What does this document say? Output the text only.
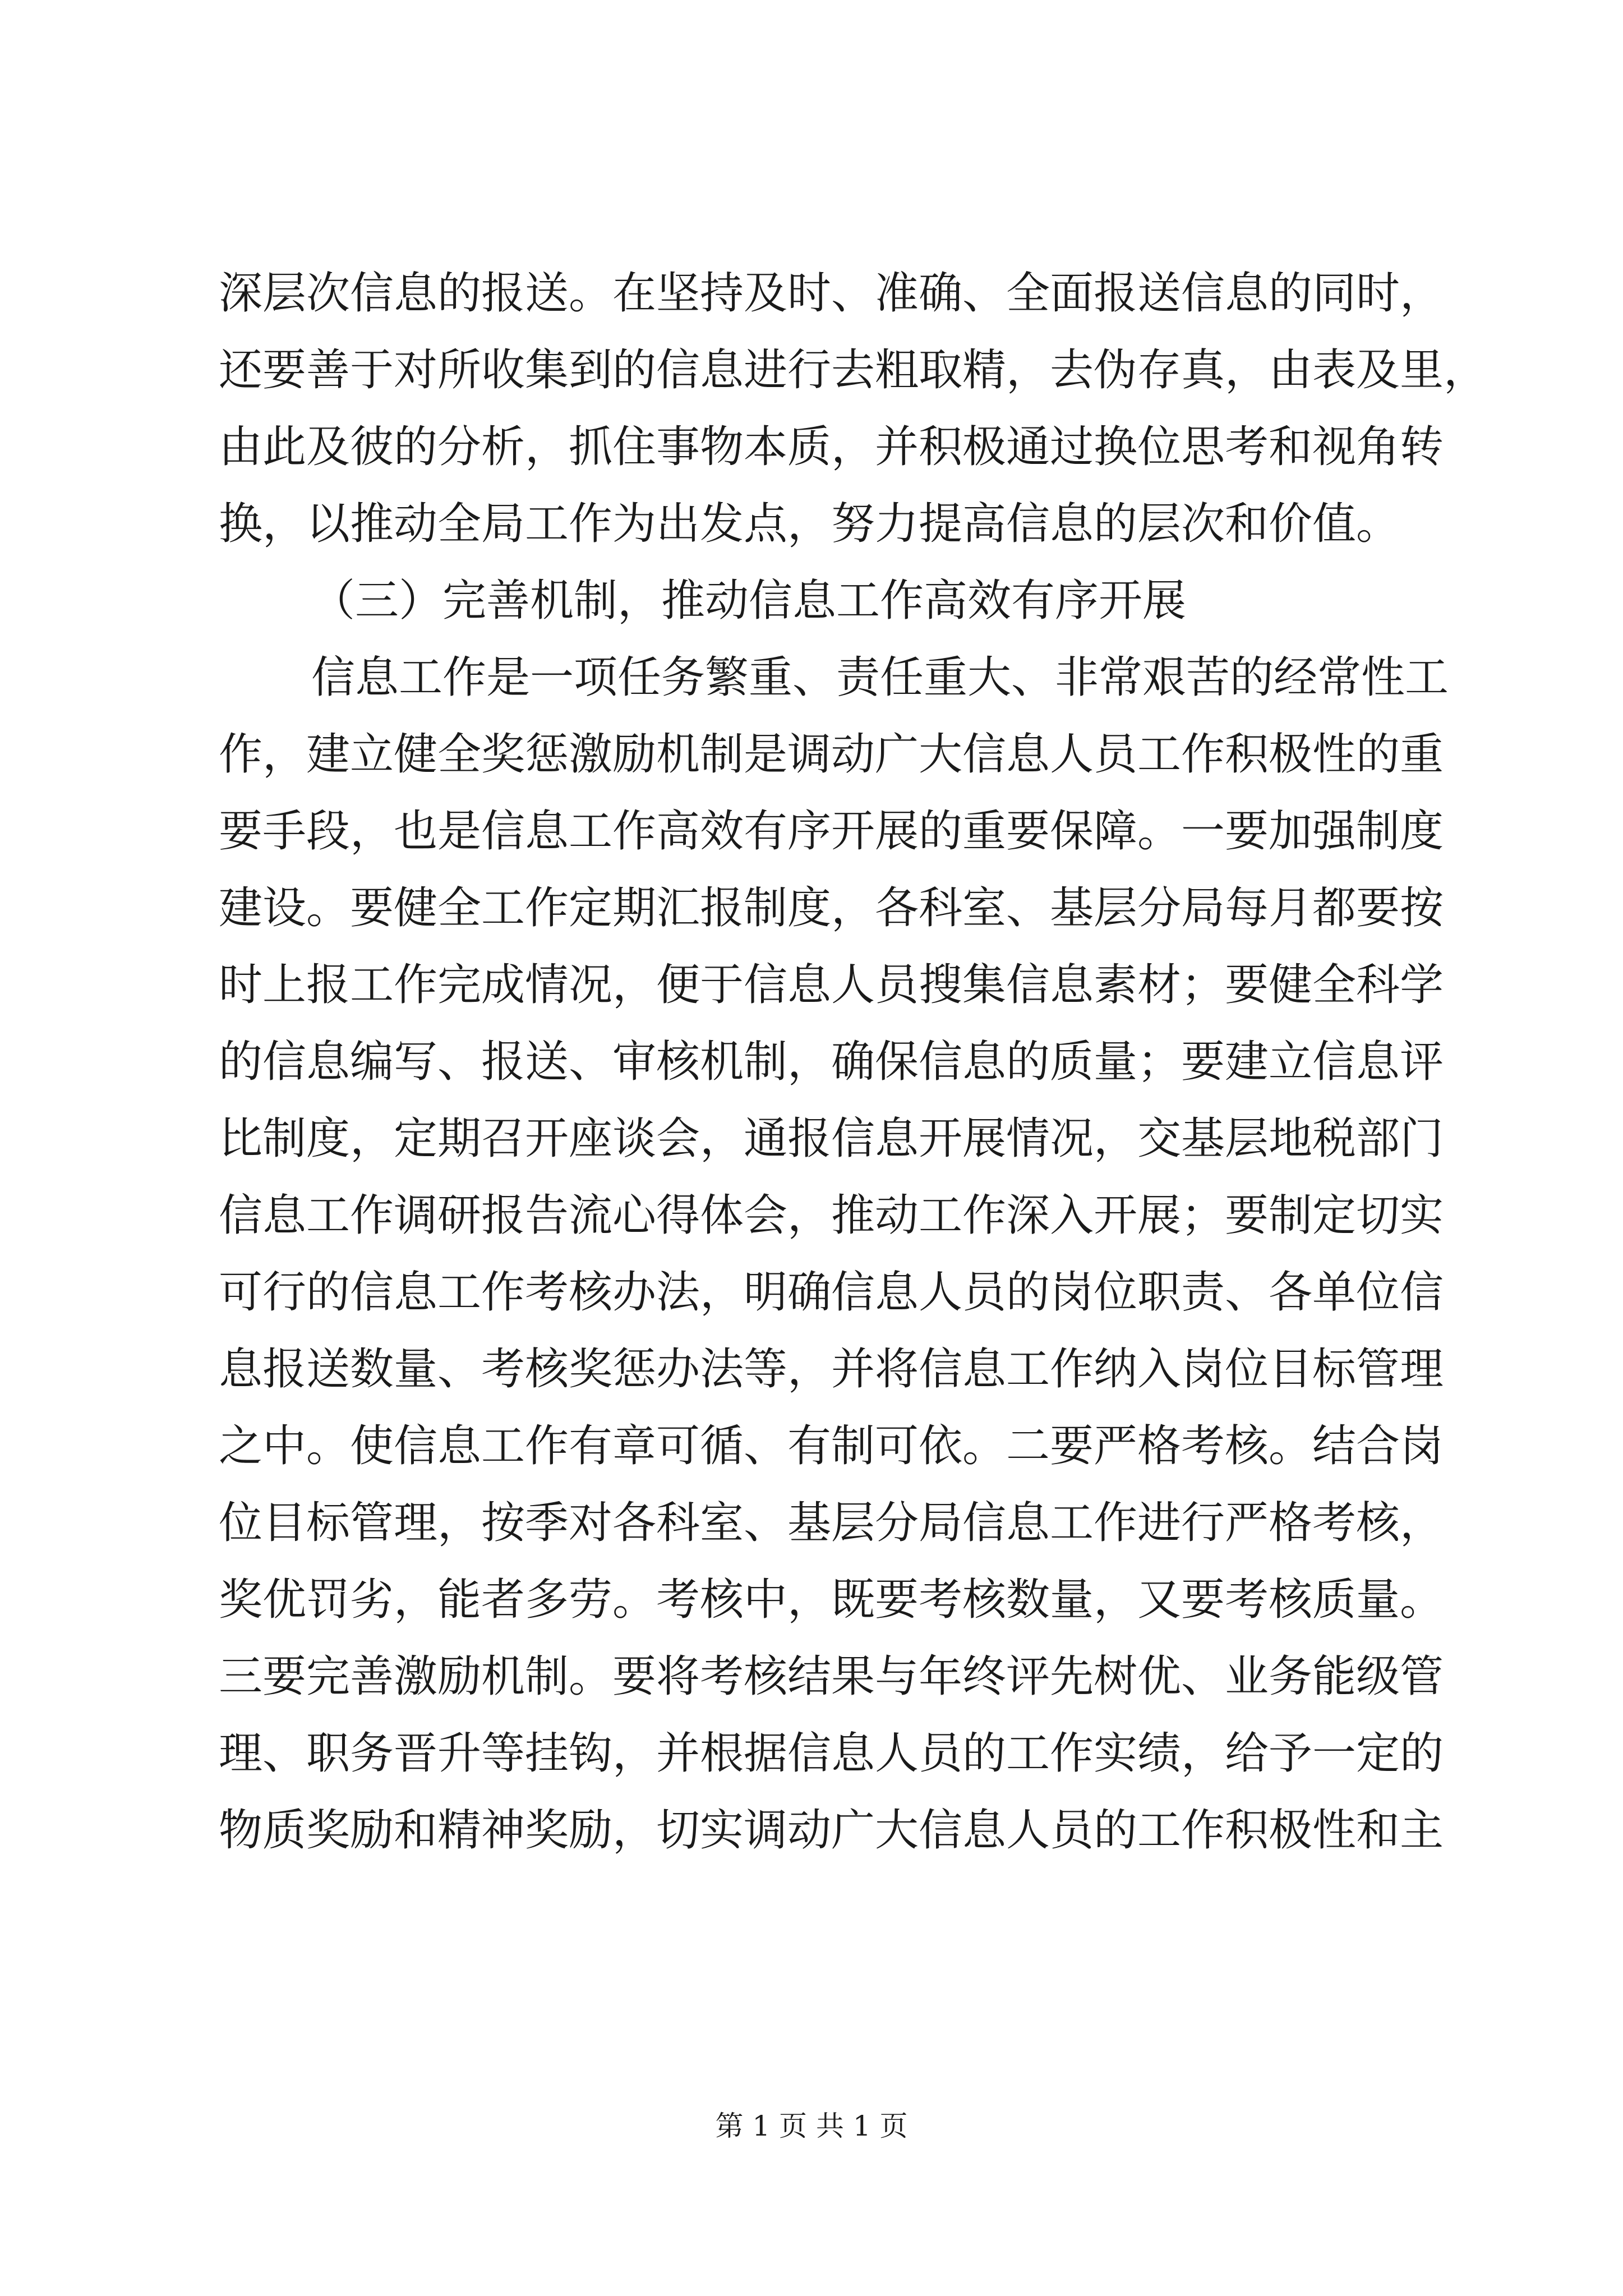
深层次信息的报送。在坚持及时、准确、全面报送信息的同时，
还要善于对所收集到的信息进行去粗取精，去伪存真，由表及里，
由此及彼的分析，抓住事物本质，并积极通过换位思考和视角转
换，以推动全局工作为出发点，努力提高信息的层次和价值。
（三）完善机制，推动信息工作高效有序开展
信息工作是一项任务繁重、责任重大、非常艰苦的经常性工
作，建立健全奖惩激励机制是调动广大信息人员工作积极性的重
要手段，也是信息工作高效有序开展的重要保障。一要加强制度
建设。要健全工作定期汇报制度，各科室、基层分局每月都要按
时上报工作完成情况，便于信息人员搜集信息素材；要健全科学
的信息编写、报送、审核机制，确保信息的质量；要建立信息评
比制度，定期召开座谈会，通报信息开展情况，交基层地税部门
信息工作调研报告流心得体会，推动工作深入开展；要制定切实
可行的信息工作考核办法，明确信息人员的岗位职责、各单位信
息报送数量、考核奖惩办法等，并将信息工作纳入岗位目标管理
之中。使信息工作有章可循、有制可依。二要严格考核。结合岗
位目标管理，按季对各科室、基层分局信息工作进行严格考核，
奖优罚劣，能者多劳。考核中，既要考核数量，又要考核质量。
三要完善激励机制。要将考核结果与年终评先树优、业务能级管
理、职务晋升等挂钩，并根据信息人员的工作实绩，给予一定的
物质奖励和精神奖励，切实调动广大信息人员的工作积极性和主
第 1 页 共 1 页
